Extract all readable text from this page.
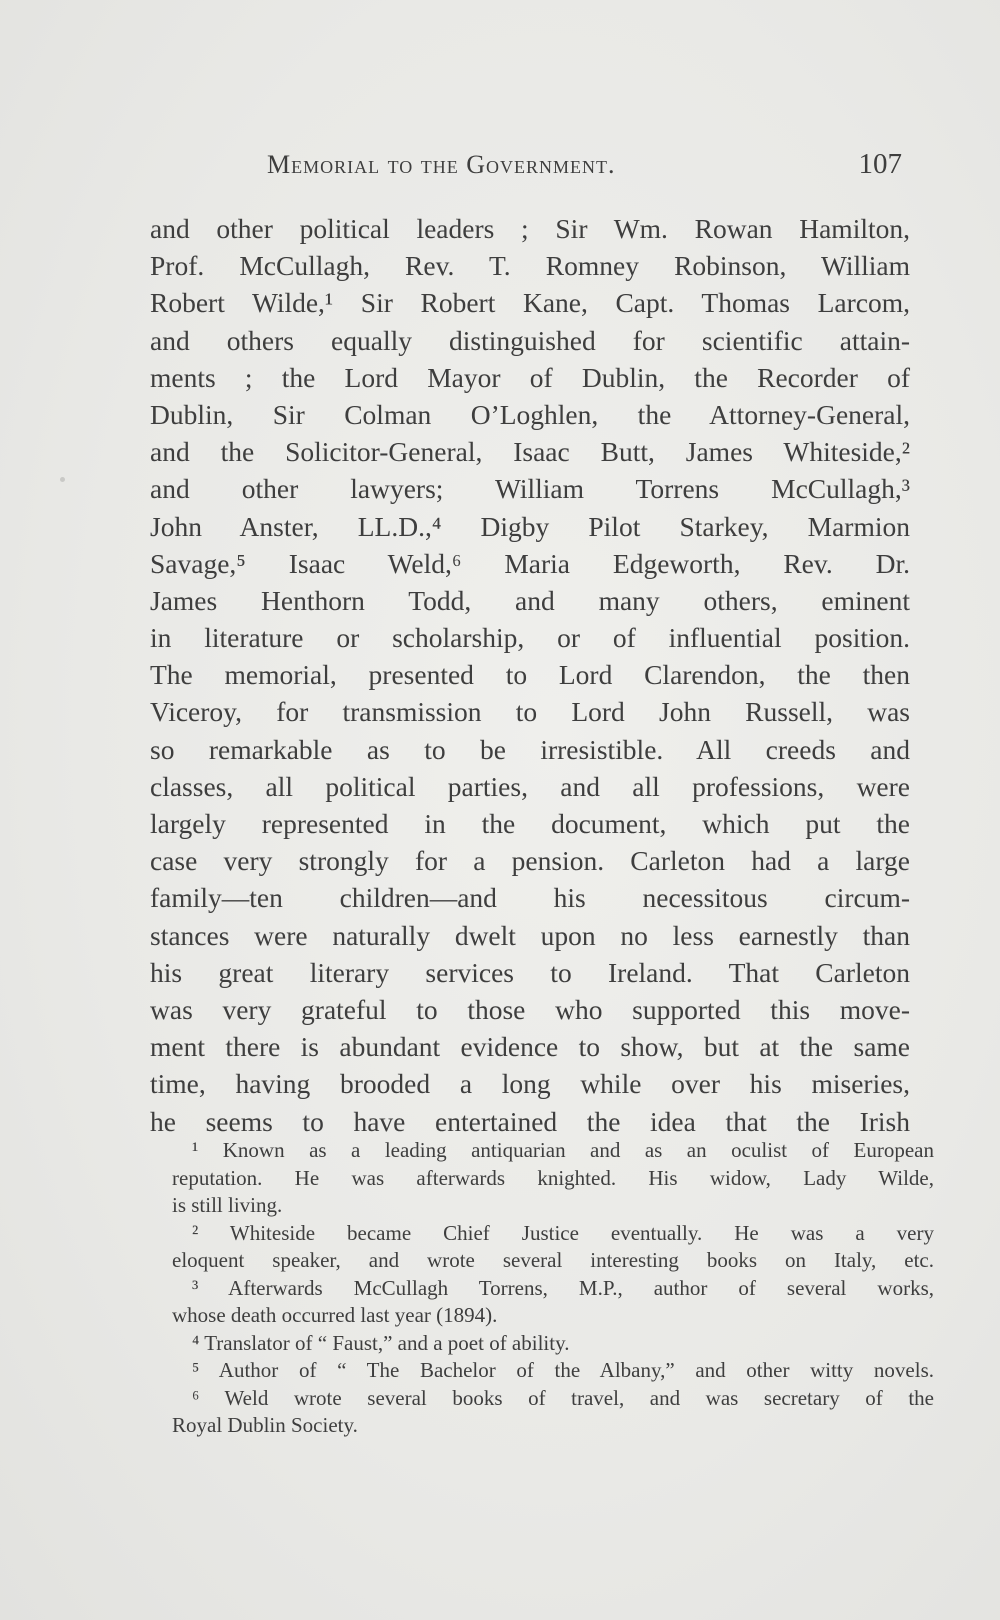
Memorial to the Government.	107
and other political leaders ; Sir Wm. Rowan Hamilton,
Prof. McCullagh, Rev. T. Romney Robinson, William
Robert Wilde,¹ Sir Robert Kane, Capt. Thomas Larcom,
and others equally distinguished for scientific attain-
ments ; the Lord Mayor of Dublin, the Recorder of
Dublin, Sir Colman O’Loghlen, the Attorney-General,
and the Solicitor-General, Isaac Butt, James Whiteside,²
and other lawyers; William Torrens McCullagh,³
John Anster, LL.D.,⁴ Digby Pilot Starkey, Marmion
Savage,⁵ Isaac Weld,⁶ Maria Edgeworth, Rev. Dr.
James Henthorn Todd, and many others, eminent
in literature or scholarship, or of influential position.
The memorial, presented to Lord Clarendon, the then
Viceroy, for transmission to Lord John Russell, was
so remarkable as to be irresistible. All creeds and
classes, all political parties, and all professions, were
largely represented in the document, which put the
case very strongly for a pension. Carleton had a large
family—ten children—and his necessitous circum-
stances were naturally dwelt upon no less earnestly than
his great literary services to Ireland. That Carleton
was very grateful to those who supported this move-
ment there is abundant evidence to show, but at the same
time, having brooded a long while over his miseries,
he seems to have entertained the idea that the Irish
¹ Known as a leading antiquarian and as an oculist of European
reputation. He was afterwards knighted. His widow, Lady Wilde,
is still living.
² Whiteside became Chief Justice eventually. He was a very
eloquent speaker, and wrote several interesting books on Italy, etc.
³ Afterwards McCullagh Torrens, M.P., author of several works,
whose death occurred last year (1894).
⁴ Translator of “ Faust,” and a poet of ability.
⁵ Author of “ The Bachelor of the Albany,” and other witty novels.
⁶ Weld wrote several books of travel, and was secretary of the
Royal Dublin Society.
